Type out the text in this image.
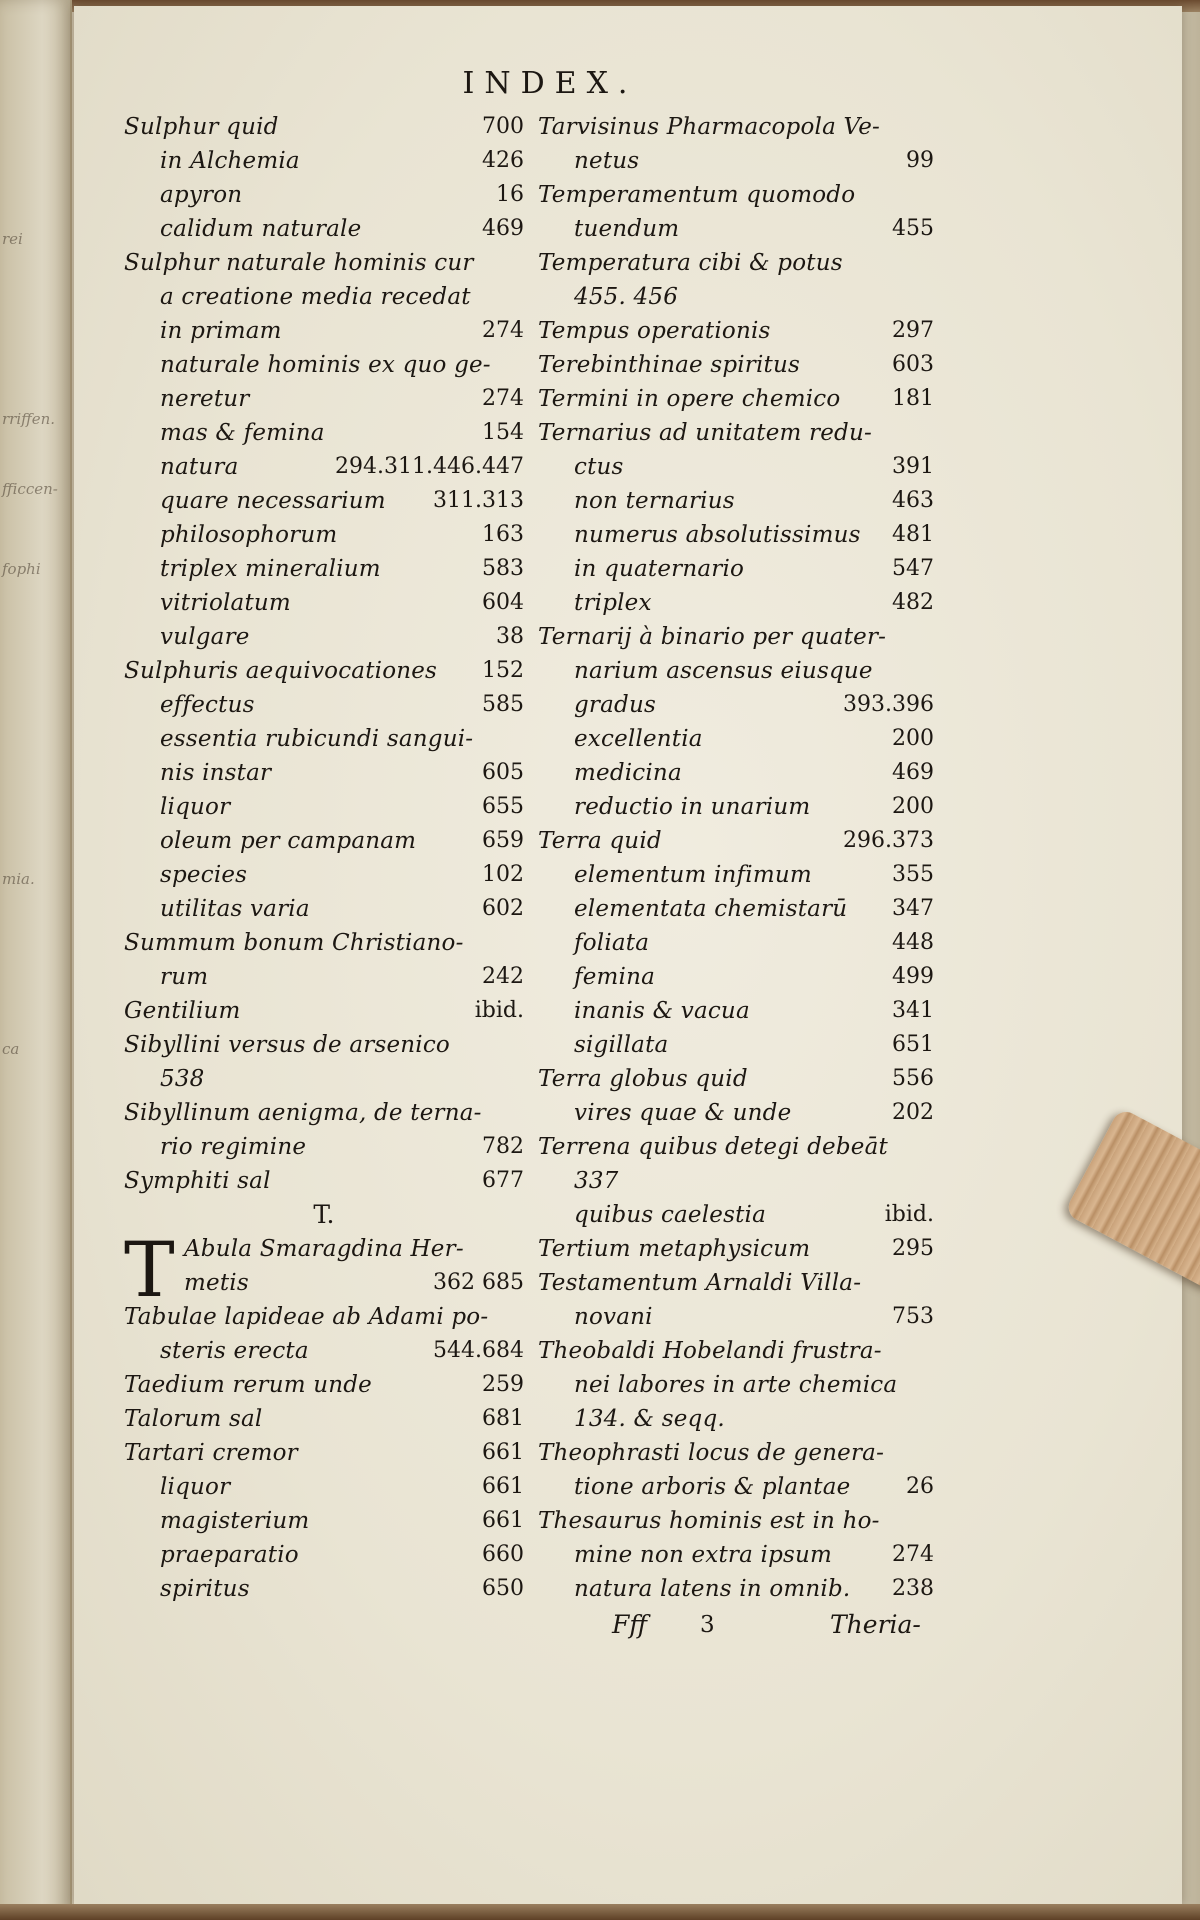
rei
rriffen.
fficcen-
fophi
mia.
ca
INDEX.
Sulphur quid	700
in Alchemia	426
apyron	16
calidum naturale	469
Sulphur naturale hominis cur
a creatione media recedat
in primam	274
naturale hominis ex quo ge-
neretur	274
mas & femina	154
natura	294.311.446.447
quare necessarium 311.313
philosophorum	163
triplex mineralium	583
vitriolatum	604
vulgare	38
Sulphuris aequivocationes 152
effectus	585
essentia rubicundi sangui-
nis instar	605
liquor	655
oleum per campanam	659
species	102
utilitas varia	602
Summum bonum Christiano-
rum	242
Gentilium	ibid.
Sibyllini versus de arsenico
538
Sibyllinum aenigma, de terna-
rio regimine	782
Symphiti sal	677
T.
Abula Smaragdina Her-
metis	362 685
Tabulae lapideae ab Adami po-
steris erecta	544.684
Taedium rerum unde	259
Talorum sal	681
Tartari cremor	661
liquor	661
magisterium	661
praeparatio	660
spiritus	650
Tarvisinus Pharmacopola Ve-
netus	99
Temperamentum quomodo
tuendum	455
Temperatura cibi & potus
455. 456
Tempus operationis	297
Terebinthinae spiritus	603
Termini in opere chemico 181
Ternarius ad unitatem redu-
ctus	391
non ternarius	463
numerus absolutissimus 481
in quaternario	547
triplex	482
Ternarij à binario per quater-
narium ascensus eiusque
gradus	393.396
excellentia	200
medicina	469
reductio in unarium	200
Terra quid	296.373
elementum infimum	355
elementata chemistarū 347
foliata	448
femina	499
inanis & vacua	341
sigillata	651
Terra globus quid	556
vires quae & unde	202
Terrena quibus detegi debeāt
337
quibus caelestia	ibid.
Tertium metaphysicum	295
Testamentum Arnaldi Villa-
novani	753
Theobaldi Hobelandi frustra-
nei labores in arte chemica
134. & seqq.
Theophrasti locus de genera-
tione arboris & plantae	26
Thesaurus hominis est in ho-
mine non extra ipsum	274
natura latens in omnib. 238
T
Fff 3	Theria-
